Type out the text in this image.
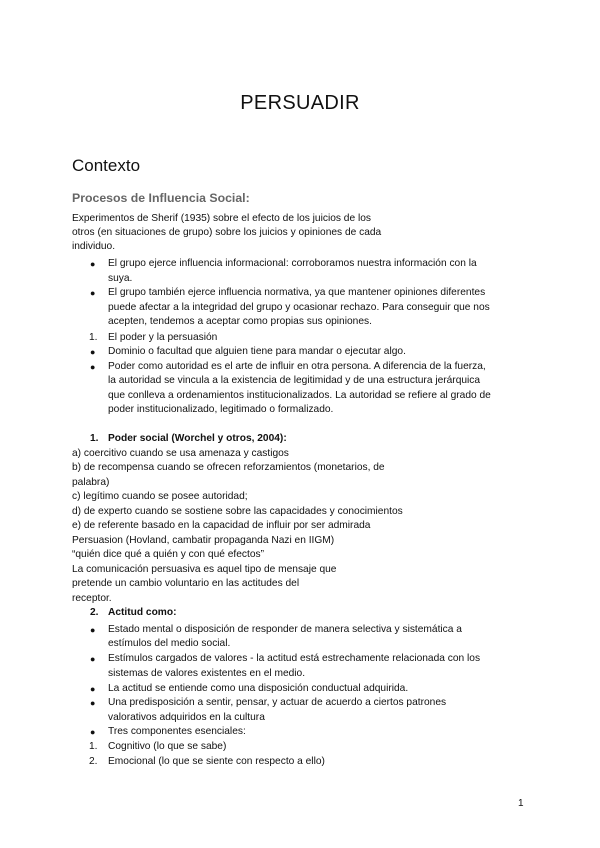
PERSUADIR
Contexto
Procesos de Influencia Social:
Experimentos de Sherif (1935) sobre el efecto de los juicios de los
otros (en situaciones de grupo) sobre los juicios y opiniones de cada
individuo.
● El grupo ejerce influencia informacional: corroboramos nuestra información con la
suya.
● El grupo también ejerce influencia normativa, ya que mantener opiniones diferentes
puede afectar a la integridad del grupo y ocasionar rechazo. Para conseguir que nos
acepten, tendemos a aceptar como propias sus opiniones.
1. El poder y la persuasión
● Dominio o facultad que alguien tiene para mandar o ejecutar algo.
● Poder como autoridad es el arte de influir en otra persona. A diferencia de la fuerza,
la autoridad se vincula a la existencia de legitimidad y de una estructura jerárquica
que conlleva a ordenamientos institucionalizados. La autoridad se refiere al grado de
poder institucionalizado, legitimado o formalizado.
1. Poder social (Worchel y otros, 2004):
a) coercitivo cuando se usa amenaza y castigos
b) de recompensa cuando se ofrecen reforzamientos (monetarios, de
palabra)
c) legítimo cuando se posee autoridad;
d) de experto cuando se sostiene sobre las capacidades y conocimientos
e) de referente basado en la capacidad de influir por ser admirada
Persuasion (Hovland, cambatir propaganda Nazi en IIGM)
“quién dice qué a quién y con qué efectos”
La comunicación persuasiva es aquel tipo de mensaje que
pretende un cambio voluntario en las actitudes del
receptor.
2. Actitud como:
● Estado mental o disposición de responder de manera selectiva y sistemática a
estímulos del medio social.
● Estímulos cargados de valores - la actitud está estrechamente relacionada con los
sistemas de valores existentes en el medio.
● La actitud se entiende como una disposición conductual adquirida.
● Una predisposición a sentir, pensar, y actuar de acuerdo a ciertos patrones
valorativos adquiridos en la cultura
● Tres componentes esenciales:
1. Cognitivo (lo que se sabe)
2. Emocional (lo que se siente con respecto a ello)
1
